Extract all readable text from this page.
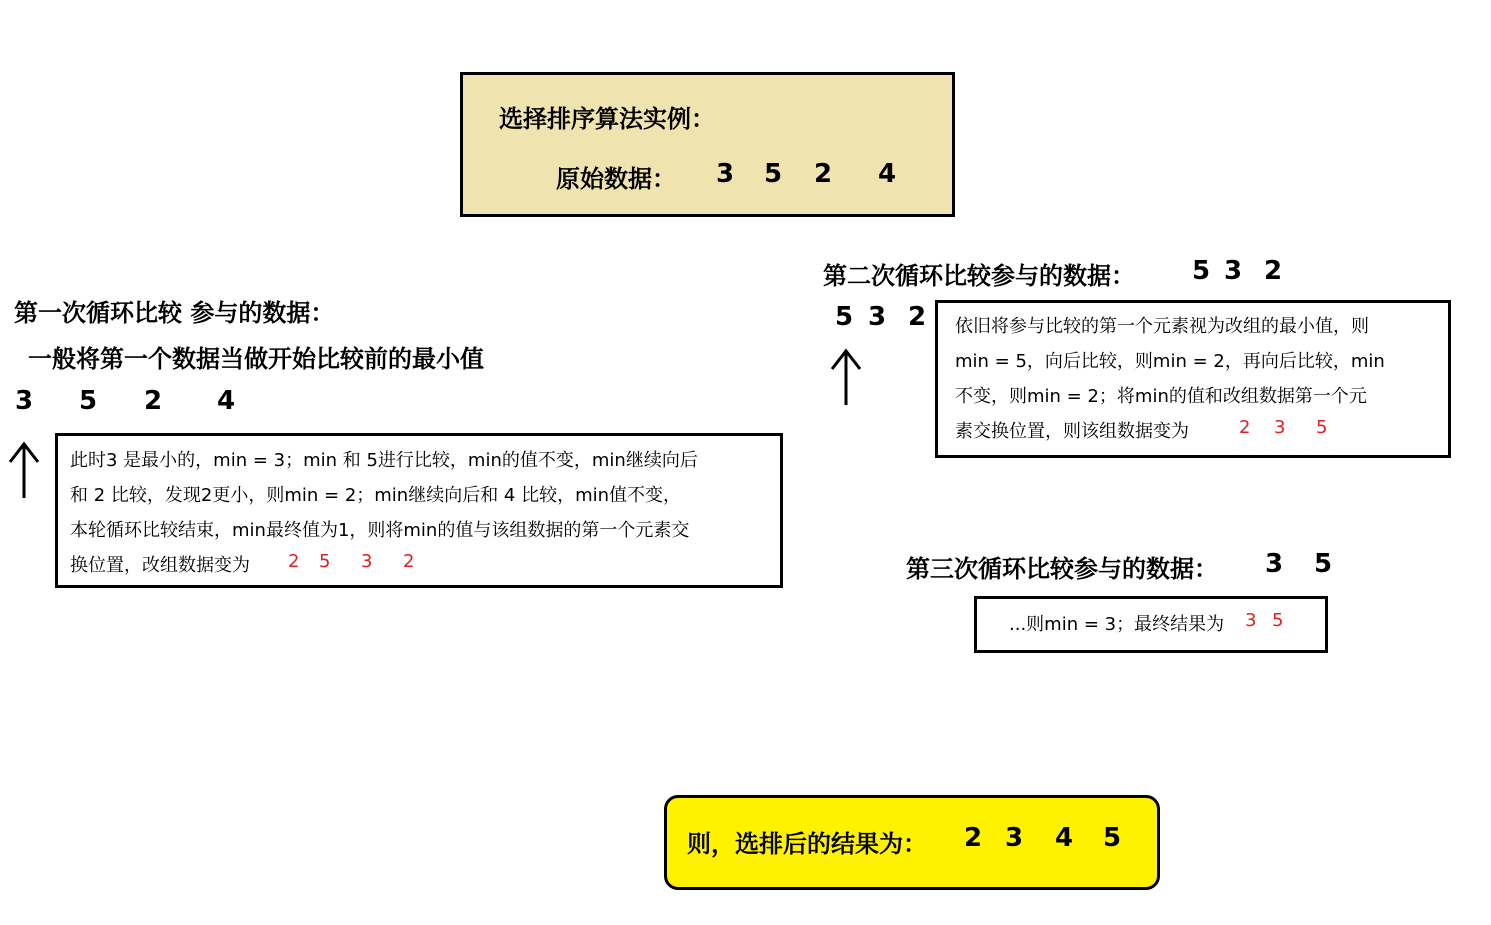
选择排序算法实例：
原始数据： 3 5 2 4
第一次循环比较 参与的数据：
一般将第一个数据当做开始比较前的最小值
3 5 2 4
此时3 是最小的，min = 3；min 和 5进行比较，min的值不变，min继续向后
和 2 比较，发现2更小，则min = 2；min继续向后和 4 比较，min值不变，
本轮循环比较结束，min最终值为1，则将min的值与该组数据的第一个元素交
换位置，改组数据变为 2 5 3 2
第二次循环比较参与的数据： 5 3 2
5 3 2 依旧将参与比较的第一个元素视为改组的最小值，则
min = 5，向后比较，则min = 2，再向后比较，min
不变，则min = 2；将min的值和改组数据第一个元
素交换位置，则该组数据变为	2 3 5
第三次循环比较参与的数据： 3 5
...则min = 3；最终结果为 3 5
则，选排后的结果为： 2 3 4 5
